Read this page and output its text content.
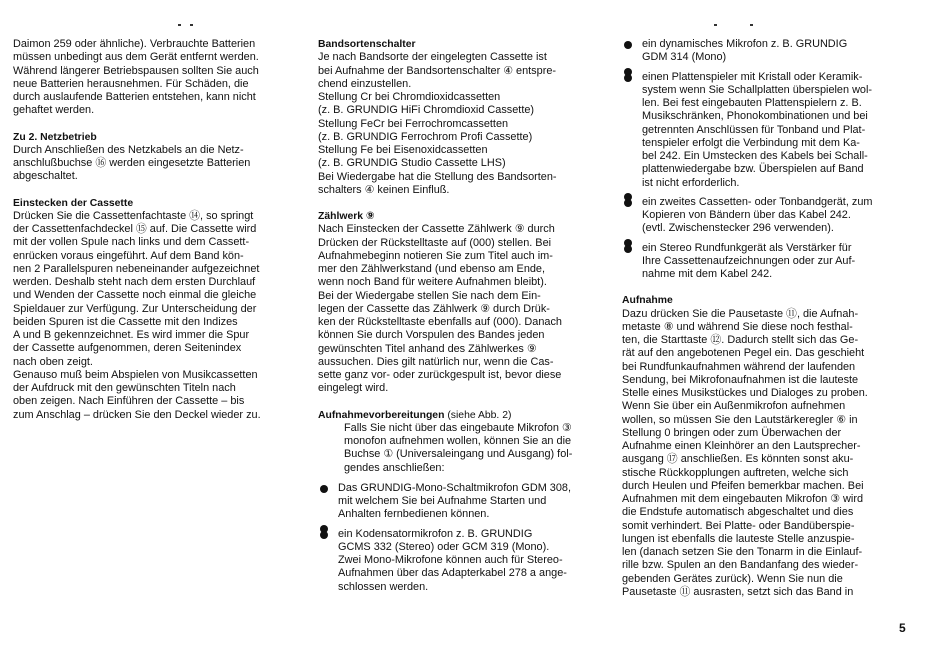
Daimon 259 oder ähnliche). Verbrauchte Batterien

müssen unbedingt aus dem Gerät entfernt werden.

Während längerer Betriebspausen sollten Sie auch

neue Batterien herausnehmen. Für Schäden, die

durch auslaufende Batterien entstehen, kann nicht

gehaftet werden.

Zu 2. Netzbetrieb

Durch Anschließen des Netzkabels an die Netz-

anschlußbuchse ⑯ werden eingesetzte Batterien

abgeschaltet.

Einstecken der Cassette

Drücken Sie die Cassettenfachtaste ⑭, so springt

der Cassettenfachdeckel ⑮ auf. Die Cassette wird

mit der vollen Spule nach links und dem Cassett-

enrücken voraus eingeführt. Auf dem Band kön-

nen 2 Parallelspuren nebeneinander aufgezeichnet

werden. Deshalb steht nach dem ersten Durchlauf

und Wenden der Cassette noch einmal die gleiche

Spieldauer zur Verfügung. Zur Unterscheidung der

beiden Spuren ist die Cassette mit den Indizes

A und B gekennzeichnet. Es wird immer die Spur

der Cassette aufgenommen, deren Seitenindex

nach oben zeigt.

Genauso muß beim Abspielen von Musikcassetten

der Aufdruck mit den gewünschten Titeln nach

oben zeigen. Nach Einführen der Cassette – bis

zum Anschlag – drücken Sie den Deckel wieder zu.

Bandsortenschalter

Je nach Bandsorte der eingelegten Cassette ist

bei Aufnahme der Bandsortenschalter ④ entspre-

chend einzustellen.

Stellung Cr bei Chromdioxidcassetten

(z. B. GRUNDIG HiFi Chromdioxid Cassette)

Stellung FeCr bei Ferrochromcassetten

(z. B. GRUNDIG Ferrochrom Profi Cassette)

Stellung Fe bei Eisenoxidcassetten

(z. B. GRUNDIG Studio Cassette LHS)

Bei Wiedergabe hat die Stellung des Bandsorten-

schalters ④ keinen Einfluß.

Zählwerk ⑨

Nach Einstecken der Cassette Zählwerk ⑨ durch

Drücken der Rückstelltaste auf (000) stellen. Bei

Aufnahmebeginn notieren Sie zum Titel auch im-

mer den Zählwerkstand (und ebenso am Ende,

wenn noch Band für weitere Aufnahmen bleibt).

Bei der Wiedergabe stellen Sie nach dem Ein-

legen der Cassette das Zählwerk ⑨ durch Drük-

ken der Rückstelltaste ebenfalls auf (000). Danach

können Sie durch Vorspulen des Bandes jeden

gewünschten Titel anhand des Zählwerkes ⑨

aussuchen. Dies gilt natürlich nur, wenn die Cas-

sette ganz vor- oder zurückgespult ist, bevor diese

eingelegt wird.

Aufnahmevorbereitungen (siehe Abb. 2)

Falls Sie nicht über das eingebaute Mikrofon ③

monofon aufnehmen wollen, können Sie an die

Buchse ① (Universaleingang und Ausgang) fol-

gendes anschließen:

Das GRUNDIG-Mono-Schaltmikrofon GDM 308,

mit welchem Sie bei Aufnahme Starten und

Anhalten fernbedienen können.

ein Kodensatormikrofon z. B. GRUNDIG

GCMS 332 (Stereo) oder GCM 319 (Mono).

Zwei Mono-Mikrofone können auch für Stereo-

Aufnahmen über das Adapterkabel 278 a ange-

schlossen werden.

ein dynamisches Mikrofon z. B. GRUNDIG

GDM 314 (Mono)

einen Plattenspieler mit Kristall oder Keramik-

system wenn Sie Schallplatten überspielen wol-

len. Bei fest eingebauten Plattenspielern z. B.

Musikschränken, Phonokombinationen und bei

getrennten Anschlüssen für Tonband und Plat-

tenspieler erfolgt die Verbindung mit dem Ka-

bel 242. Ein Umstecken des Kabels bei Schall-

plattenwiedergabe bzw. Überspielen auf Band

ist nicht erforderlich.

ein zweites Cassetten- oder Tonbandgerät, zum

Kopieren von Bändern über das Kabel 242.

(evtl. Zwischenstecker 296 verwenden).

ein Stereo Rundfunkgerät als Verstärker für

Ihre Cassettenaufzeichnungen oder zur Auf-

nahme mit dem Kabel 242.

Aufnahme

Dazu drücken Sie die Pausetaste ⑪, die Aufnah-

metaste ⑧ und während Sie diese noch festhal-

ten, die Starttaste ⑫. Dadurch stellt sich das Ge-

rät auf den angebotenen Pegel ein. Das geschieht

bei Rundfunkaufnahmen während der laufenden

Sendung, bei Mikrofonaufnahmen ist die lauteste

Stelle eines Musikstückes und Dialoges zu proben.

Wenn Sie über ein Außenmikrofon aufnehmen

wollen, so müssen Sie den Lautstärkeregler ⑥ in

Stellung 0 bringen oder zum Überwachen der

Aufnahme einen Kleinhörer an den Lautsprecher-

ausgang ⑰ anschließen. Es könnten sonst aku-

stische Rückkopplungen auftreten, welche sich

durch Heulen und Pfeifen bemerkbar machen. Bei

Aufnahmen mit dem eingebauten Mikrofon ③ wird

die Endstufe automatisch abgeschaltet und dies

somit verhindert. Bei Platte- oder Bandüberspie-

lungen ist ebenfalls die lauteste Stelle anzuspie-

len (danach setzen Sie den Tonarm in die Einlauf-

rille bzw. Spulen an den Bandanfang des wieder-

gebenden Gerätes zurück). Wenn Sie nun die

Pausetaste ⑪ ausrasten, setzt sich das Band in

5
